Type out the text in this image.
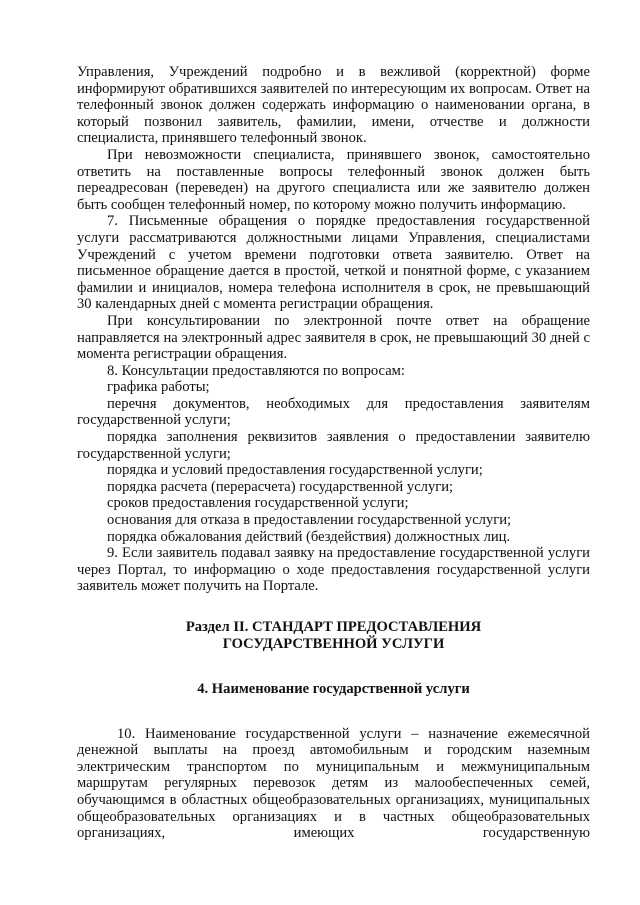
Управления, Учреждений подробно и в вежливой (корректной) форме информируют обратившихся заявителей по интересующим их вопросам. Ответ на телефонный звонок должен содержать информацию о наименовании органа, в который позвонил заявитель, фамилии, имени, отчестве и должности специалиста, принявшего телефонный звонок.

При невозможности специалиста, принявшего звонок, самостоятельно ответить на поставленные вопросы телефонный звонок должен быть переадресован (переведен) на другого специалиста или же заявителю должен быть сообщен телефонный номер, по которому можно получить информацию.

7. Письменные обращения о порядке предоставления государственной услуги рассматриваются должностными лицами Управления, специалистами Учреждений с учетом времени подготовки ответа заявителю. Ответ на письменное обращение дается в простой, четкой и понятной форме, с указанием фамилии и инициалов, номера телефона исполнителя в срок, не превышающий 30 календарных дней с момента регистрации обращения.

При консультировании по электронной почте ответ на обращение направляется на электронный адрес заявителя в срок, не превышающий 30 дней с момента регистрации обращения.

8. Консультации предоставляются по вопросам:

графика работы;

перечня документов, необходимых для предоставления заявителям государственной услуги;

порядка заполнения реквизитов заявления о предоставлении заявителю государственной услуги;

порядка и условий предоставления государственной услуги;

порядка расчета (перерасчета) государственной услуги;

сроков предоставления государственной услуги;

основания для отказа в предоставлении государственной услуги;

порядка обжалования действий (бездействия) должностных лиц.

9. Если заявитель подавал заявку на предоставление государственной услуги через Портал, то информацию о ходе предоставления государственной услуги заявитель может получить на Портале.

Раздел II. СТАНДАРТ ПРЕДОСТАВЛЕНИЯ
ГОСУДАРСТВЕННОЙ УСЛУГИ
4. Наименование государственной услуги

10. Наименование государственной услуги – назначение ежемесячной денежной выплаты на проезд автомобильным и городским наземным электрическим транспортом по муниципальным и межмуниципальным маршрутам регулярных перевозок детям из малообеспеченных семей, обучающимся в областных общеобразовательных организациях, муниципальных общеобразовательных организациях и в частных общеобразовательных организациях, имеющих государственную
